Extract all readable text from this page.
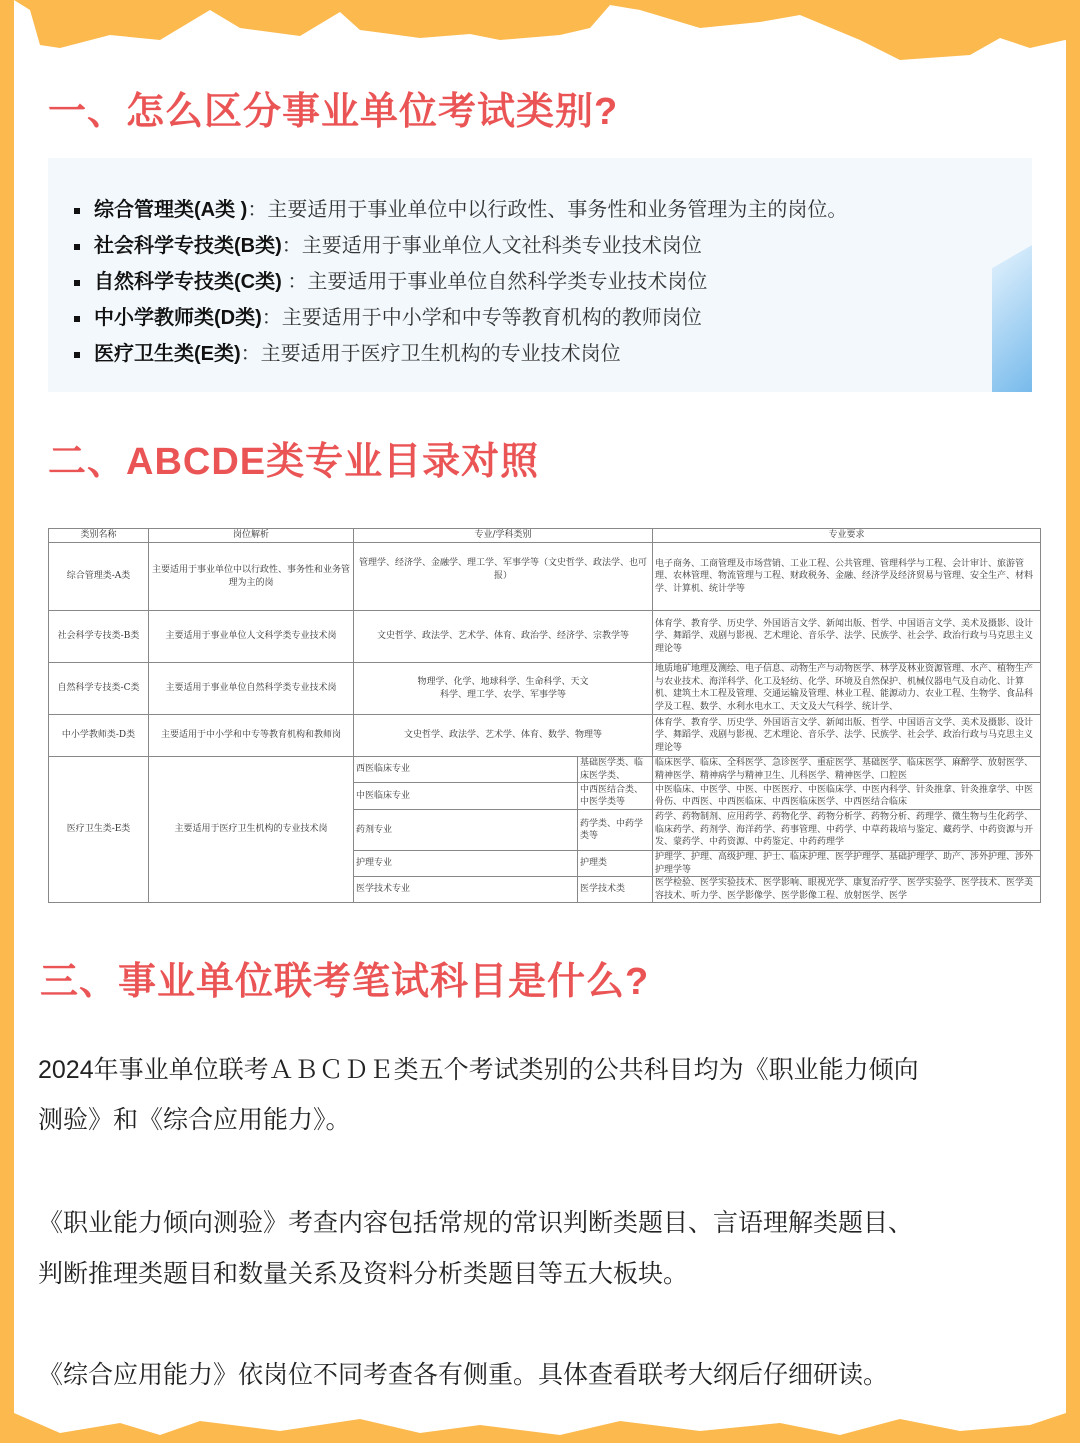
一、怎么区分事业单位考试类别?
综合管理类(A类 )：主要适用于事业单位中以行政性、事务性和业务管理为主的岗位。
社会科学专技类(B类)：主要适用于事业单位人文社科类专业技术岗位
自然科学专技类(C类) ：主要适用于事业单位自然科学类专业技术岗位
中小学教师类(D类)：主要适用于中小学和中专等教育机构的教师岗位
医疗卫生类(E类)：主要适用于医疗卫生机构的专业技术岗位
二、ABCDE类专业目录对照
类别名称	岗位解析	专业/学科类别		专业要求
综合管理类-A类	主要适用于事业单位中以行政性、事务性和业务管理为主的岗	管理学、经济学、金融学、理工学、军事学等（文史哲学、政法学、也可报）		电子商务、工商管理及市场营销、工业工程、公共管理、管理科学与工程、会计审计、旅游管理、农林管理、物流管理与工程、财政税务、金融、经济学及经济贸易与管理、安全生产、材料学、计算机、统计学等
社会科学专技类-B类	主要适用于事业单位人文科学类专业技术岗	文史哲学、政法学、艺术学、体育、政治学、经济学、宗教学等		体育学、教育学、历史学、外国语言文学、新闻出版、哲学、中国语言文学、美术及摄影、设计学、舞蹈学、戏剧与影视、艺术理论、音乐学、法学、民族学、社会学、政治行政与马克思主义理论等
自然科学专技类-C类	主要适用于事业单位自然科学类专业技术岗	物理学、化学、地球科学、生命科学、天文科学、理工学、农学、军事学等		地质地矿地理及测绘、电子信息、动物生产与动物医学、林学及林业资源管理、水产、植物生产与农业技术、海洋科学、化工及轻纺、化学、环境及自然保护、机械仪器电气及自动化、计算机、建筑土木工程及管理、交通运输及管理、林业工程、能源动力、农业工程、生物学、食品科学及工程、数学、水利水电水工、天文及大气科学、统计学、
中小学教师类-D类	主要适用于中小学和中专等教育机构和教师岗	文史哲学、政法学、艺术学、体育、数学、物理等		体育学、教育学、历史学、外国语言文学、新闻出版、哲学、中国语言文学、美术及摄影、设计学、舞蹈学、戏剧与影视、艺术理论、音乐学、法学、民族学、社会学、政治行政与马克思主义理论等
医疗卫生类-E类	主要适用于医疗卫生机构的专业技术岗	西医临床专业	基础医学类、临床医学类、	临床医学、临床、全科医学、急诊医学、重症医学、基础医学、临床医学、麻醉学、放射医学、精神医学、精神病学与精神卫生、儿科医学、精神医学、口腔医
		中医临床专业	中西医结合类、中医学类等	中医临床、中医学、中医、中医医疗、中医临床学、中医内科学、针灸推拿、针灸推拿学、中医骨伤、中西医、中西医临床、中西医临床医学、中西医结合临床
		药剂专业	药学类、中药学类等	药学、药物制剂、应用药学、药物化学、药物分析学、药物分析、药理学、微生物与生化药学、临床药学、药剂学、海洋药学、药事管理、中药学、中草药栽培与鉴定、藏药学、中药资源与开发、蒙药学、中药资源、中药鉴定、中药药理学
		护理专业	护理类	护理学、护理、高级护理、护士、临床护理、医学护理学、基础护理学、助产、涉外护理、涉外护理学等
		医学技术专业	医学技术类	医学检验、医学实验技术、医学影响、眼视光学、康复治疗学、医学实验学、医学技术、医学美容技术、听力学、医学影像学、医学影像工程、放射医学、医学
三、事业单位联考笔试科目是什么?
2024年事业单位联考ＡＢＣＤＥ类五个考试类别的公共科目均为《职业能力倾向
测验》和《综合应用能力》。
《职业能力倾向测验》考查内容包括常规的常识判断类题目、言语理解类题目、
判断推理类题目和数量关系及资料分析类题目等五大板块。
《综合应用能力》依岗位不同考查各有侧重。具体查看联考大纲后仔细研读。
